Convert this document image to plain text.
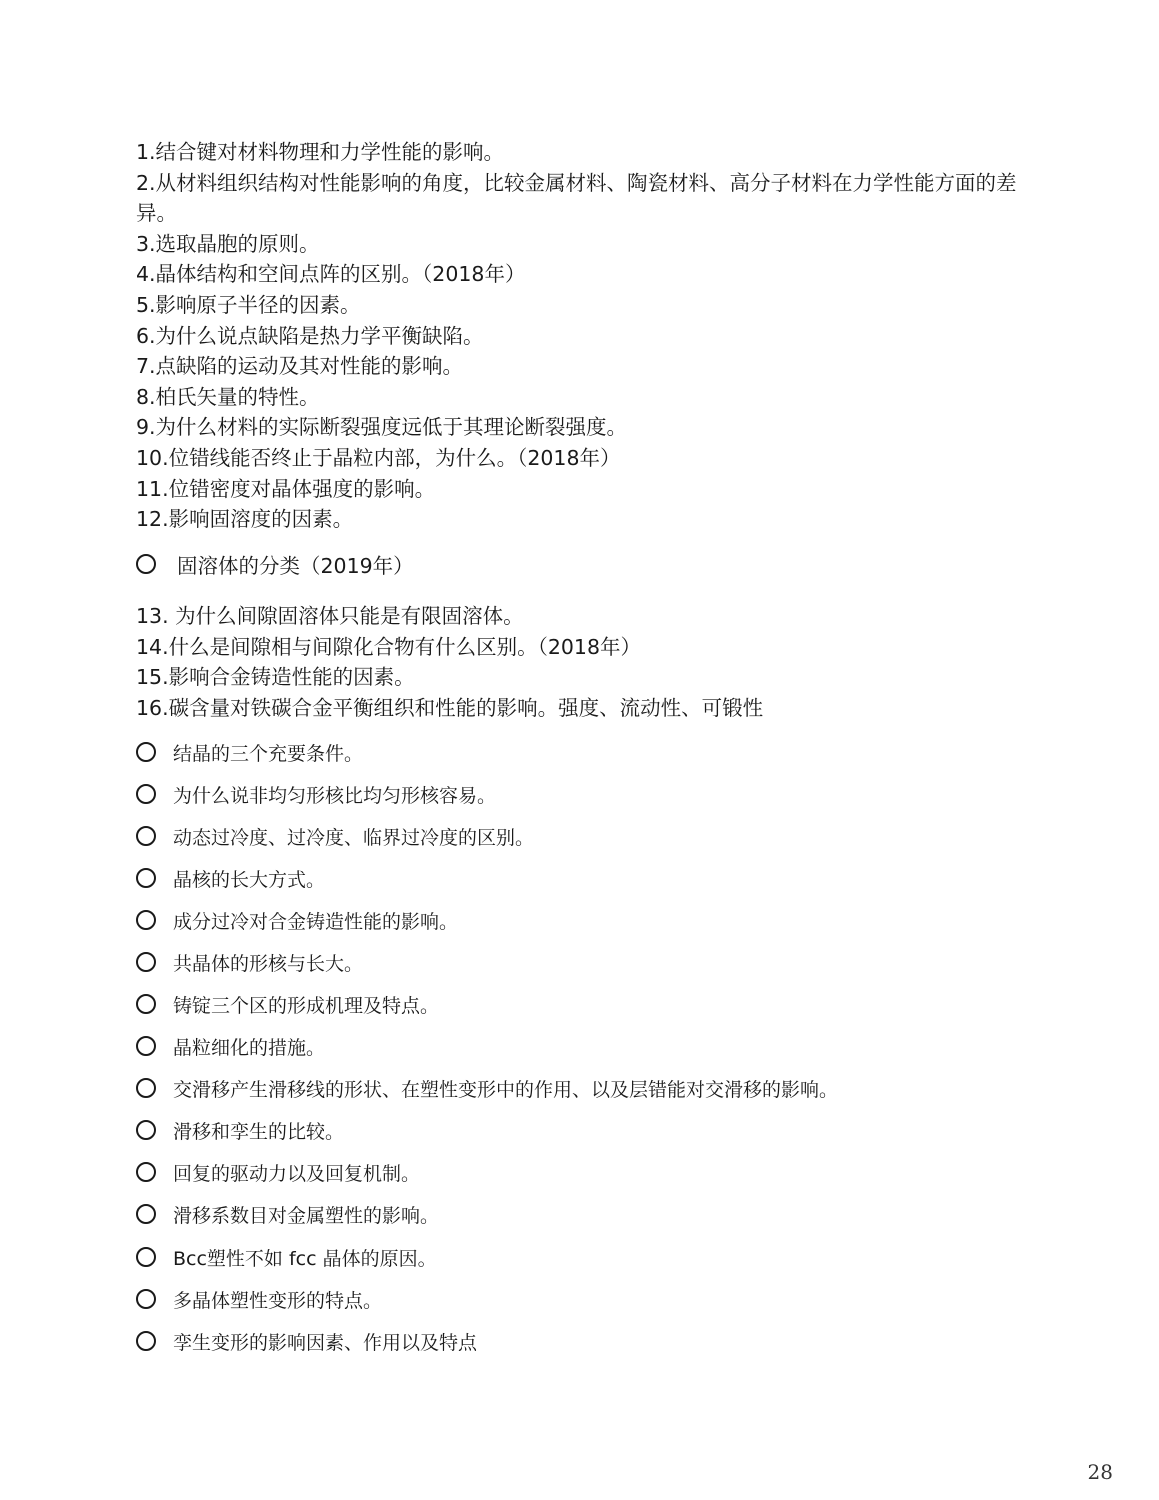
1.结合键对材料物理和力学性能的影响。
2.从材料组织结构对性能影响的角度，比较金属材料、陶瓷材料、高分子材料在力学性能方面的差异。
3.选取晶胞的原则。
4.晶体结构和空间点阵的区别。（2018年）
5.影响原子半径的因素。
6.为什么说点缺陷是热力学平衡缺陷。
7.点缺陷的运动及其对性能的影响。
8.柏氏矢量的特性。
9.为什么材料的实际断裂强度远低于其理论断裂强度。
10.位错线能否终止于晶粒内部，为什么。（2018年）
11.位错密度对晶体强度的影响。
12.影响固溶度的因素。
固溶体的分类（2019年）
13. 为什么间隙固溶体只能是有限固溶体。
14.什么是间隙相与间隙化合物有什么区别。（2018年）
15.影响合金铸造性能的因素。
16.碳含量对铁碳合金平衡组织和性能的影响。强度、流动性、可锻性
结晶的三个充要条件。
为什么说非均匀形核比均匀形核容易。
动态过冷度、过冷度、临界过冷度的区别。
晶核的长大方式。
成分过冷对合金铸造性能的影响。
共晶体的形核与长大。
铸锭三个区的形成机理及特点。
晶粒细化的措施。
交滑移产生滑移线的形状、在塑性变形中的作用、以及层错能对交滑移的影响。
滑移和孪生的比较。
回复的驱动力以及回复机制。
滑移系数目对金属塑性的影响。
Bcc塑性不如 fcc 晶体的原因。
多晶体塑性变形的特点。
孪生变形的影响因素、作用以及特点
28
